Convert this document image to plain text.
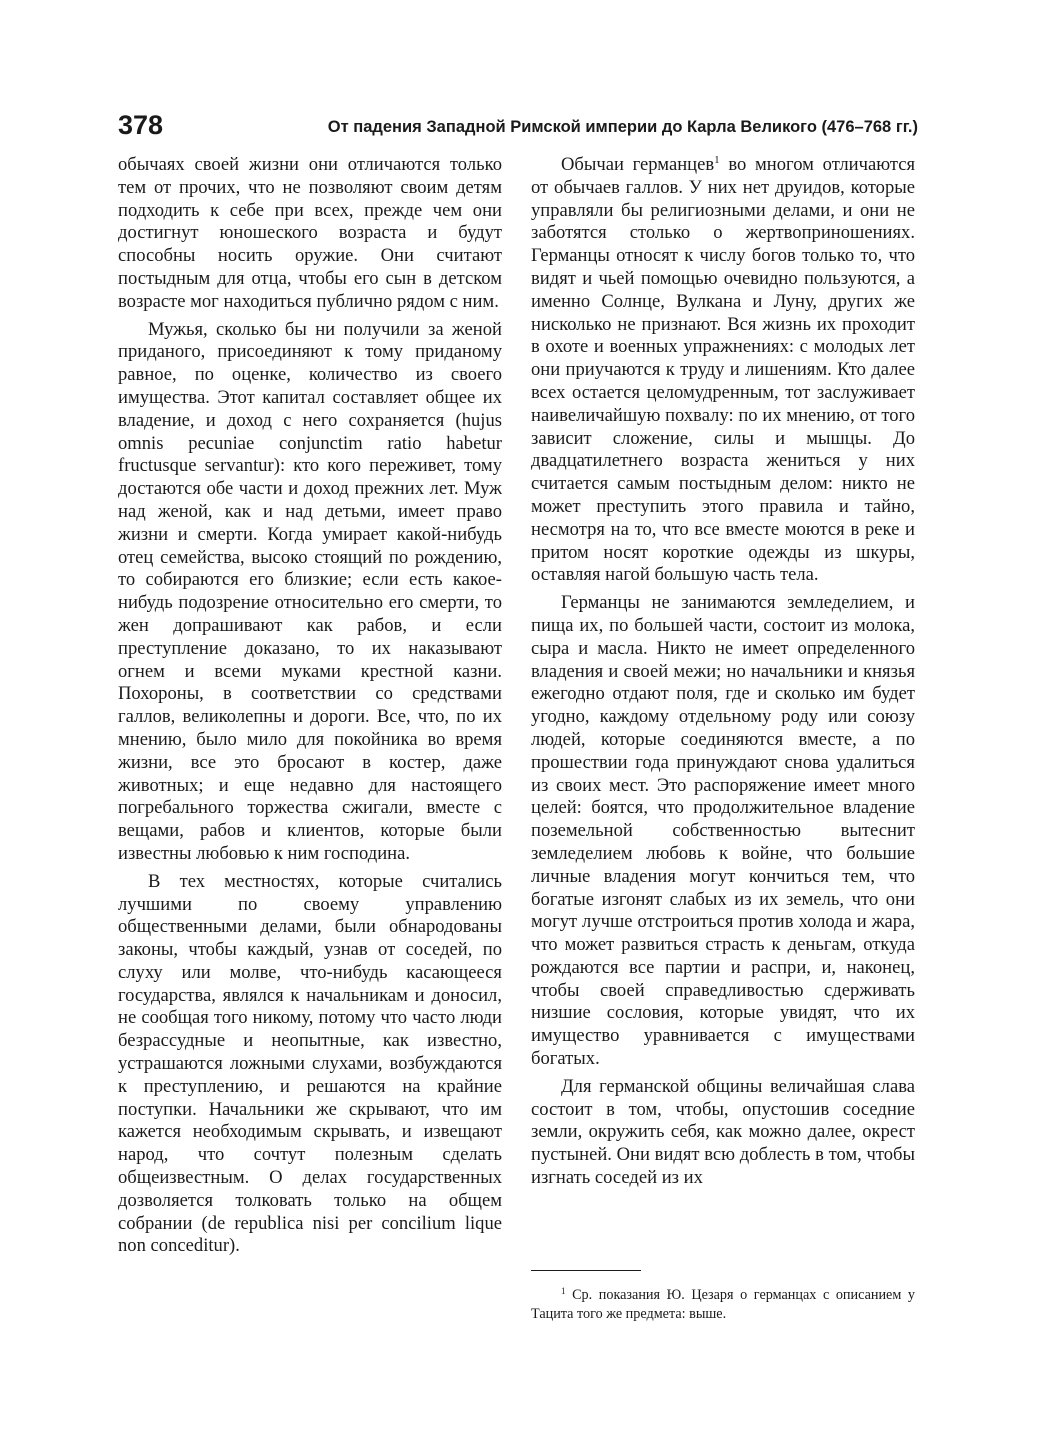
378	От падения Западной Римской империи до Карла Великого (476–768 гг.)

обычаях своей жизни они отличаются только тем от прочих, что не позволяют своим детям подходить к себе при всех, прежде чем они достигнут юношеского возраста и будут способны носить оружие. Они считают постыдным для отца, чтобы его сын в детском возрасте мог находиться публично рядом с ним.

Мужья, сколько бы ни получили за женой приданого, присоединяют к тому приданому равное, по оценке, количество из своего имущества. Этот капитал составляет общее их владение, и доход с него сохраняется (hujus omnis pecuniae conjunctim ratio habetur fructusque servantur): кто кого переживет, тому достаются обе части и доход прежних лет. Муж над женой, как и над детьми, имеет право жизни и смерти. Когда умирает какой-нибудь отец семейства, высоко стоящий по рождению, то собираются его близкие; если есть какое-нибудь подозрение относительно его смерти, то жен допрашивают как рабов, и если преступление доказано, то их наказывают огнем и всеми муками крестной казни. Похороны, в соответствии со средствами галлов, великолепны и дороги. Все, что, по их мнению, было мило для покойника во время жизни, все это бросают в костер, даже животных; и еще недавно для настоящего погребального торжества сжигали, вместе с вещами, рабов и клиентов, которые были известны любовью к ним господина.

В тех местностях, которые считались лучшими по своему управлению общественными делами, были обнародованы законы, чтобы каждый, узнав от соседей, по слуху или молве, что-нибудь касающееся государства, являлся к начальникам и доносил, не сообщая того никому, потому что часто люди безрассудные и неопытные, как известно, устрашаются ложными слухами, возбуждаются к преступлению, и решаются на крайние поступки. Начальники же скрывают, что им кажется необходимым скрывать, и извещают народ, что сочтут полезным сделать общеизвестным. О делах государственных дозволяется толковать только на общем собрании (de republica nisi per concilium lique non conceditur).

Обычаи германцев$^1$ во многом отличаются от обычаев галлов. У них нет друидов, которые управляли бы религиозными делами, и они не заботятся столько о жертвоприношениях. Германцы относят к числу богов только то, что видят и чьей помощью очевидно пользуются, а именно Солнце, Вулкана и Луну, других же нисколько не признают. Вся жизнь их проходит в охоте и военных упражнениях: с молодых лет они приучаются к труду и лишениям. Кто далее всех остается целомудренным, тот заслуживает наивеличайшую похвалу: по их мнению, от того зависит сложение, силы и мышцы. До двадцатилетнего возраста жениться у них считается самым постыдным делом: никто не может преступить этого правила и тайно, несмотря на то, что все вместе моются в реке и притом носят короткие одежды из шкуры, оставляя нагой большую часть тела.

Германцы не занимаются земледелием, и пища их, по большей части, состоит из молока, сыра и масла. Никто не имеет определенного владения и своей межи; но начальники и князья ежегодно отдают поля, где и сколько им будет угодно, каждому отдельному роду или союзу людей, которые соединяются вместе, а по прошествии года принуждают снова удалиться из своих мест. Это распоряжение имеет много целей: боятся, что продолжительное владение поземельной собственностью вытеснит земледелием любовь к войне, что большие личные владения могут кончиться тем, что богатые изгонят слабых из их земель, что они могут лучше отстроиться против холода и жара, что может развиться страсть к деньгам, откуда рождаются все партии и распри, и, наконец, чтобы своей справедливостью сдерживать низшие сословия, которые увидят, что их имущество уравнивается с имуществами богатых.

Для германской общины величайшая слава состоит в том, чтобы, опустошив соседние земли, окружить себя, как можно далее, окрест пустыней. Они видят всю доблесть в том, чтобы изгнать соседей из их

$^1$ Ср. показания Ю. Цезаря о германцах с описанием у Тацита того же предмета: выше.
